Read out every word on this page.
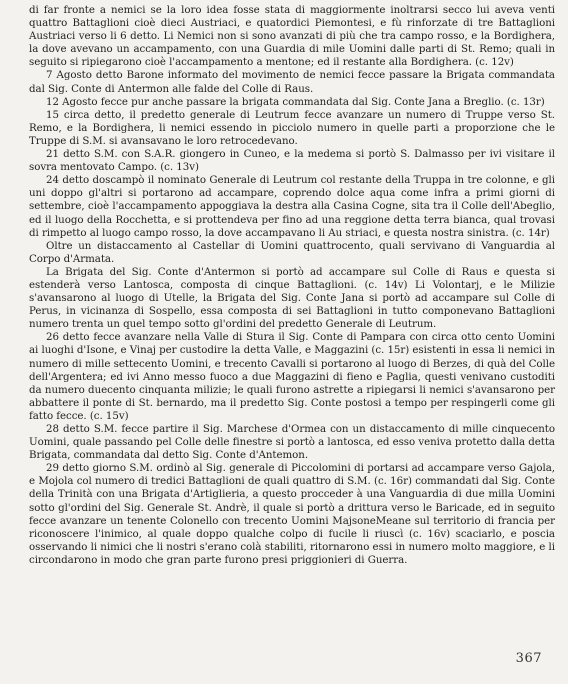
di far fronte a nemici se la loro idea fosse stata di maggiormente inoltrarsi secco lui aveva venti quattro Battaglioni cioè dieci Austriaci, e quatordici Piemontesi, e fù rinforzate di tre Battaglioni Austriaci verso li 6 detto. Li Nemici non si sono avanzati di più che tra campo rosso, e la Bordighera, la dove avevano un accampamento, con una Guardia di mile Uomini dalle parti di St. Remo; quali in seguito si ripiegarono cioè l'accampamento a mentone; ed il restante alla Bordighera. (c. 12v)

7 Agosto detto Barone informato del movimento de nemici fecce passare la Brigata commandata dal Sig. Conte di Antermon alle falde del Colle di Raus.

12 Agosto fecce pur anche passare la brigata commandata dal Sig. Conte Jana a Breglio. (c. 13r)

15 circa detto, il predetto generale di Leutrum fecce avanzare un numero di Truppe verso St. Remo, e la Bordighera, li nemici essendo in picciolo numero in quelle parti a proporzione che le Truppe di S.M. si avansavano le loro retrocedevano.

21 detto S.M. con S.A.R. giongero in Cuneo, e la medema si portò S. Dalmasso per ivi visitare il sovra mentovato Campo. (c. 13v)

24 detto doscampò il nominato Generale di Leutrum col restante della Truppa in tre colonne, e gli uni doppo gl'altri si portarono ad accampare, coprendo dolce aqua come infra a primi giorni di settembre, cioè l'accampamento appoggiava la destra alla Casina Cogne, sita tra il Colle dell'Abeglio, ed il luogo della Rocchetta, e si prottendeva per fino ad una reggione detta terra bianca, qual trovasi di rimpetto al luogo campo rosso, la dove accampavano li Au striaci, e questa nostra sinistra. (c. 14r)

Oltre un distaccamento al Castellar di Uomini quattrocento, quali servivano di Vanguardia al Corpo d'Armata.

La Brigata del Sig. Conte d'Antermon si portò ad accampare sul Colle di Raus e questa si estenderà verso Lantosca, composta di cinque Battaglioni. (c. 14v) Li Volontarj, e le Milizie s'avansarono al luogo di Utelle, la Brigata del Sig. Conte Jana si portò ad accampare sul Colle di Perus, in vicinanza di Sospello, essa composta di sei Battaglioni in tutto componevano Battaglioni numero trenta un quel tempo sotto gl'ordini del predetto Generale di Leutrum.

26 detto fecce avanzare nella Valle di Stura il Sig. Conte di Pampara con circa otto cento Uomini ai luoghi d'Isone, e Vinaj per custodire la detta Valle, e Maggazini (c. 15r) esistenti in essa li nemici in numero di mille settecento Uomini, e trecento Cavalli si portarono al luogo di Berzes, di quà del Colle dell'Argentera; ed ivi Anno messo fuoco a due Maggazini di fieno e Paglia, questi venivano custoditi da numero duecento cinquanta milizie; le quali furono astrette a ripiegarsi li nemici s'avansarono per abbattere il ponte di St. bernardo, ma il predetto Sig. Conte postosi a tempo per respingerli come gli fatto fecce. (c. 15v)

28 detto S.M. fecce partire il Sig. Marchese d'Ormea con un distaccamento di mille cinquecento Uomini, quale passando pel Colle delle finestre si portò a lantosca, ed esso veniva protetto dalla detta Brigata, commandata dal detto Sig. Conte d'Antemon.

29 detto giorno S.M. ordinò al Sig. generale di Piccolomini di portarsi ad accampare verso Gajola, e Mojola col numero di tredici Battaglioni de quali quattro di S.M. (c. 16r) commandati dal Sig. Conte della Trinità con una Brigata d'Artiglieria, a questo procceder à una Vanguardia di due milla Uomini sotto gl'ordini del Sig. Generale St. Andrè, il quale si portò a drittura verso le Baricade, ed in seguito fecce avanzare un tenente Colonello con trecento Uomini MajsoneMeane sul territorio di francia per riconoscere l'inimico, al quale doppo qualche colpo di fucile li riuscì (c. 16v) scaciarlo, e poscia osservando li nimici che li nostri s'erano colà stabiliti, ritornarono essi in numero molto maggiore, e li circondarono in modo che gran parte furono presi priggionieri di Guerra.

367
